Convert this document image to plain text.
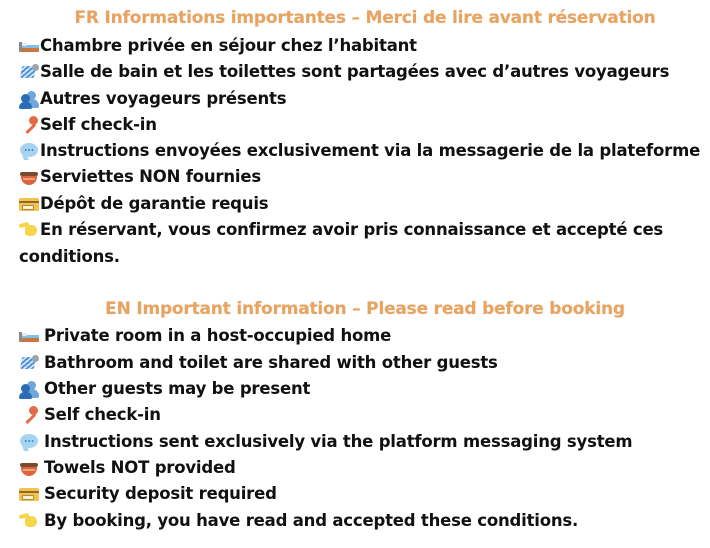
FR Informations importantes – Merci de lire avant réservation
Chambre privée en séjour chez l’habitant
Salle de bain et les toilettes sont partagées avec d’autres voyageurs
Autres voyageurs présents
Self check-in
Instructions envoyées exclusivement via la messagerie de la plateforme
Serviettes NON fournies
Dépôt de garantie requis
En réservant, vous confirmez avoir pris connaissance et accepté ces
conditions.
EN Important information – Please read before booking
Private room in a host-occupied home
Bathroom and toilet are shared with other guests
Other guests may be present
Self check-in
Instructions sent exclusively via the platform messaging system
Towels NOT provided
Security deposit required
By booking, you have read and accepted these conditions.
